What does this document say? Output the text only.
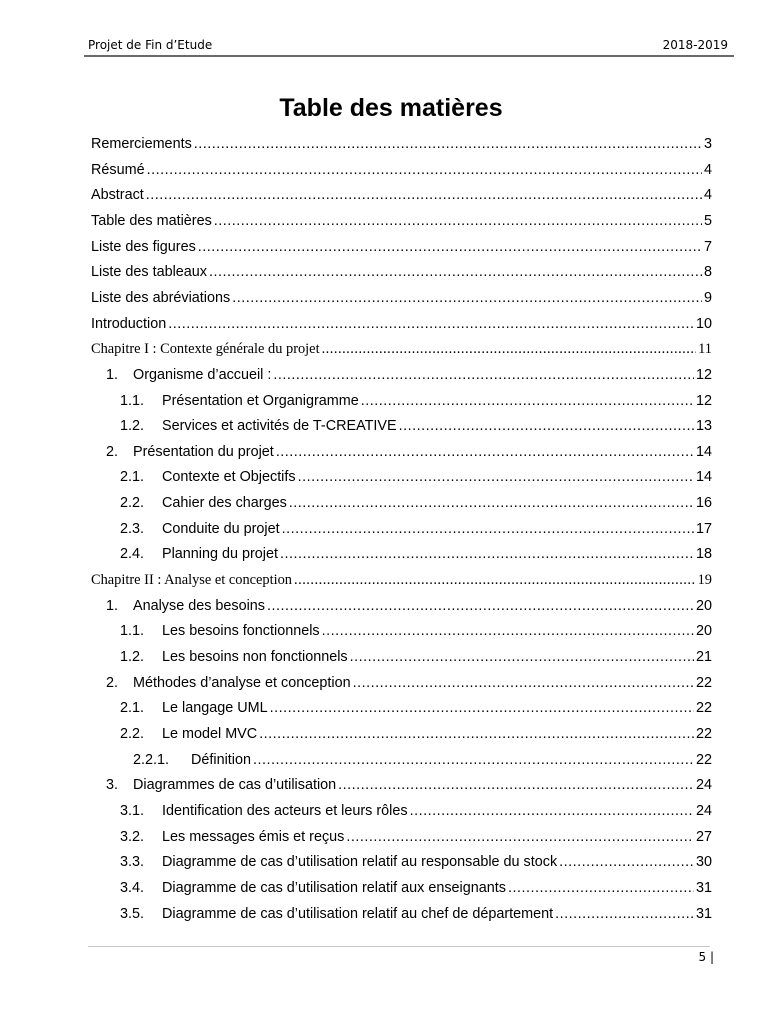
Projet de Fin d’Etude	2018-2019
Table des matières
Remerciements .....	3
Résumé .....	4
Abstract .....	4
Table des matières .....	5
Liste des figures .....	7
Liste des tableaux .....	8
Liste des abréviations .....	9
Introduction .....	10
Chapitre I : Contexte générale du projet .....	11
1. Organisme d’accueil : .....	12
1.1. Présentation et Organigramme .....	12
1.2. Services et activités de T-CREATIVE .....	13
2. Présentation du projet .....	14
2.1. Contexte et Objectifs .....	14
2.2. Cahier des charges .....	16
2.3. Conduite du projet .....	17
2.4. Planning du projet .....	18
Chapitre II : Analyse et conception .....	19
1. Analyse des besoins .....	20
1.1. Les besoins fonctionnels .....	20
1.2. Les besoins non fonctionnels .....	21
2. Méthodes d’analyse et conception .....	22
2.1. Le langage UML .....	22
2.2. Le model MVC .....	22
2.2.1. Définition .....	22
3. Diagrammes de cas d’utilisation .....	24
3.1. Identification des acteurs et leurs rôles .....	24
3.2. Les messages émis et reçus .....	27
3.3. Diagramme de cas d’utilisation relatif au responsable du stock .....	30
3.4. Diagramme de cas d’utilisation relatif aux enseignants .....	31
3.5. Diagramme de cas d’utilisation relatif au chef de département .....	31
5 |
